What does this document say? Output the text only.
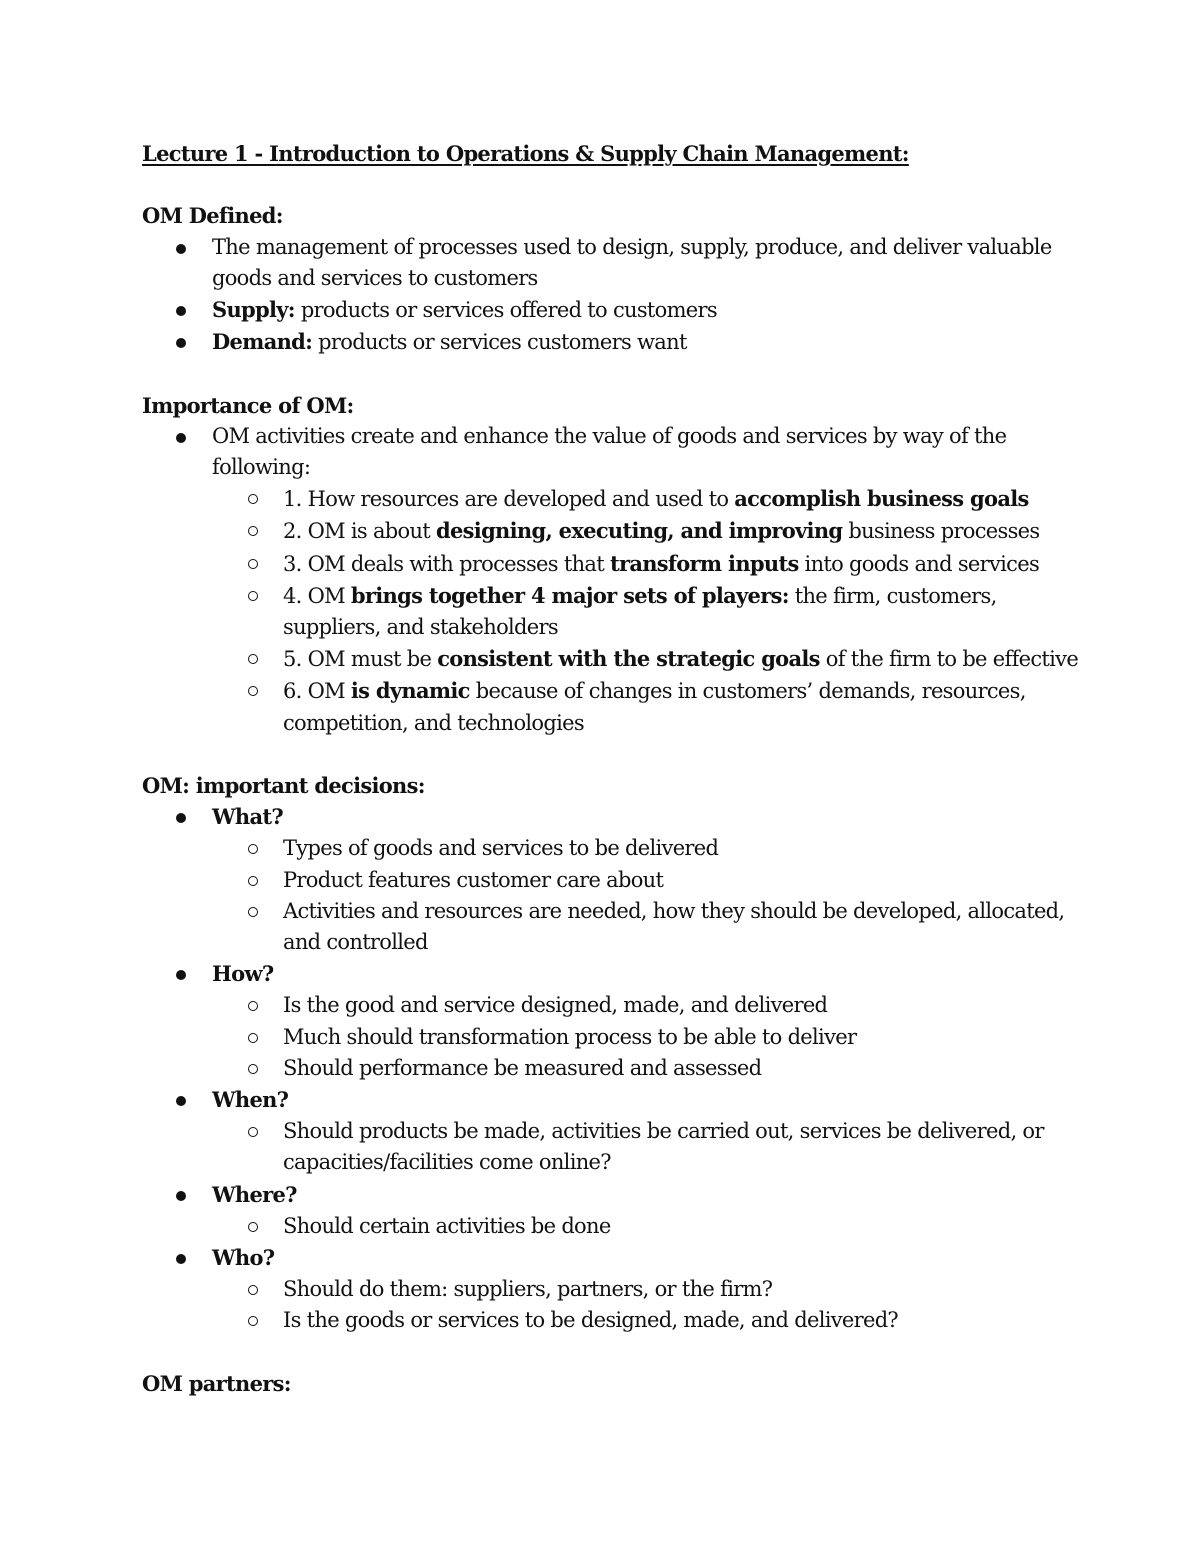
Lecture 1 - Introduction to Operations & Supply Chain Management:

OM Defined:

The management of processes used to design, supply, produce, and deliver valuable goods and services to customers

Supply: products or services offered to customers

Demand: products or services customers want

Importance of OM:

OM activities create and enhance the value of goods and services by way of the following:

1. How resources are developed and used to accomplish business goals

2. OM is about designing, executing, and improving business processes

3. OM deals with processes that transform inputs into goods and services

4. OM brings together 4 major sets of players: the firm, customers, suppliers, and stakeholders

5. OM must be consistent with the strategic goals of the firm to be effective

6. OM is dynamic because of changes in customers’ demands, resources, competition, and technologies

OM: important decisions:

What?

Types of goods and services to be delivered

Product features customer care about

Activities and resources are needed, how they should be developed, allocated, and controlled

How?

Is the good and service designed, made, and delivered

Much should transformation process to be able to deliver

Should performance be measured and assessed

When?

Should products be made, activities be carried out, services be delivered, or capacities/facilities come online?

Where?

Should certain activities be done

Who?

Should do them: suppliers, partners, or the firm?

Is the goods or services to be designed, made, and delivered?

OM partners:
